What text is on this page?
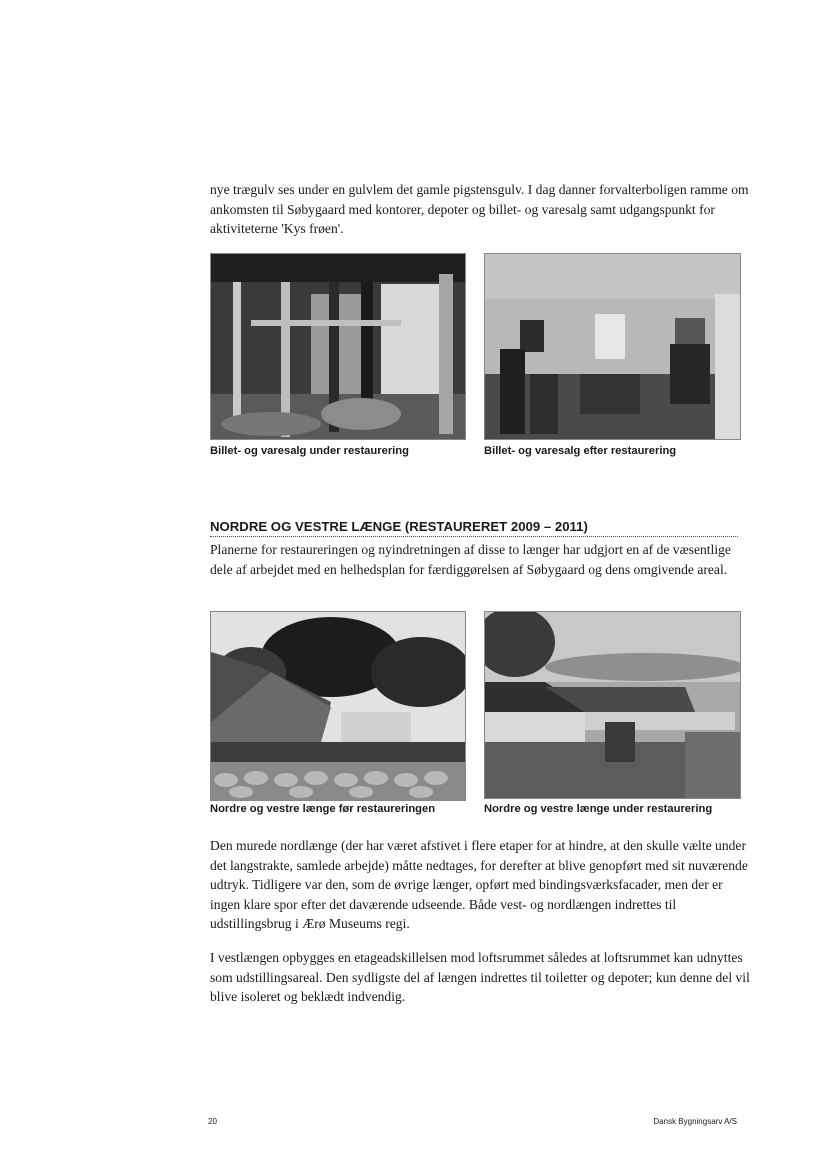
nye trægulv ses under en gulvlem det gamle pigstensgulv. I dag danner forvalterboligen ramme om ankomsten til Søbygaard med kontorer, depoter og billet- og varesalg samt udgangspunkt for aktiviteterne 'Kys frøen'.

Billet- og varesalg under restaurering	Billet- og varesalg efter restaurering
NORDRE OG VESTRE LÆNGE (RESTAURERET 2009 – 2011)

Planerne for restaureringen og nyindretningen af disse to længer har udgjort en af de væsentlige dele af arbejdet med en helhedsplan for færdiggørelsen af Søbygaard og dens omgivende areal.

Nordre og vestre længe før restaureringen	Nordre og vestre længe under restaurering

Den murede nordlænge (der har været afstivet i flere etaper for at hindre, at den skulle vælte under det langstrakte, samlede arbejde) måtte nedtages, for derefter at blive genopført med sit nuværende udtryk. Tidligere var den, som de øvrige længer, opført med bindingsværksfacader, men der er ingen klare spor efter det daværende udseende. Både vest- og nordlængen indrettes til udstillingsbrug i Ærø Museums regi.

I vestlængen opbygges en etageadskillelsen mod loftsrummet således at loftsrummet kan udnyttes som udstillingsareal. Den sydligste del af længen indrettes til toiletter og depoter; kun denne del vil blive isoleret og beklædt indvendig.

20	Dansk Bygningsarv A/S
